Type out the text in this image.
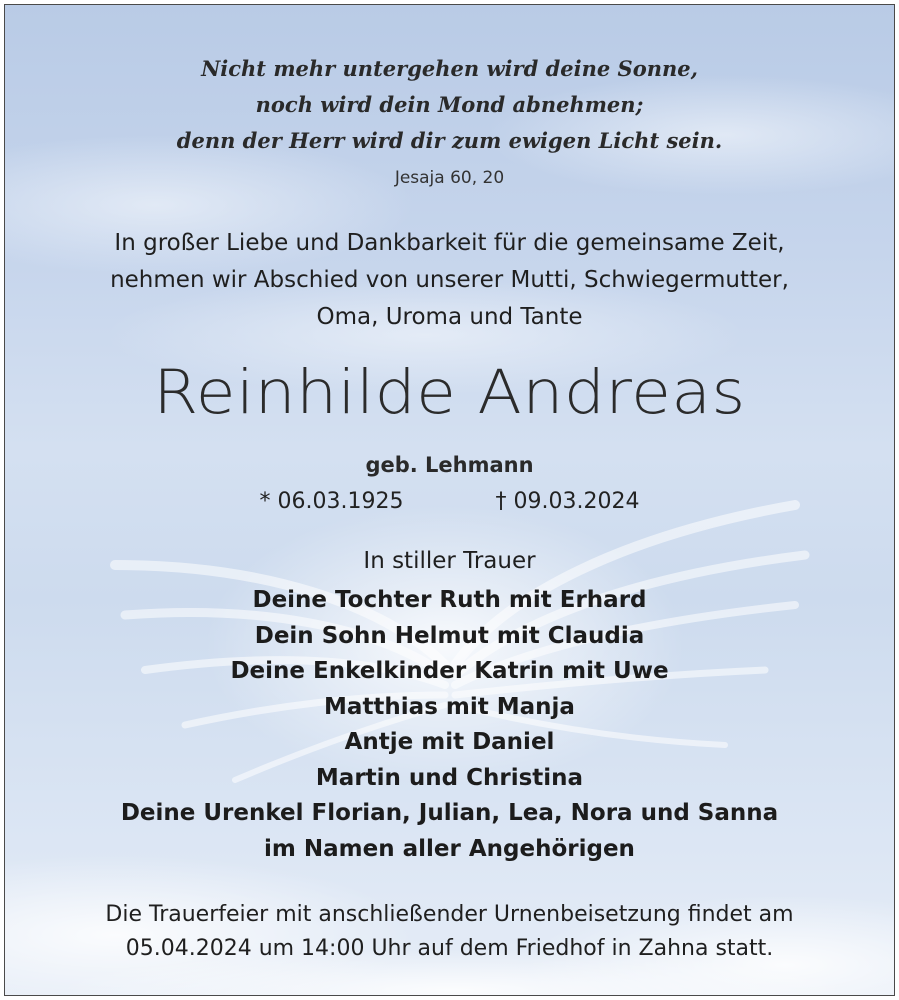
Nicht mehr untergehen wird deine Sonne,
noch wird dein Mond abnehmen;
denn der Herr wird dir zum ewigen Licht sein.
Jesaja 60, 20
In großer Liebe und Dankbarkeit für die gemeinsame Zeit,
nehmen wir Abschied von unserer Mutti, Schwiegermutter,
Oma, Uroma und Tante
Reinhilde Andreas
geb. Lehmann
* 06.03.1925	† 09.03.2024
In stiller Trauer
Deine Tochter Ruth mit Erhard
Dein Sohn Helmut mit Claudia
Deine Enkelkinder Katrin mit Uwe
Matthias mit Manja
Antje mit Daniel
Martin und Christina
Deine Urenkel Florian, Julian, Lea, Nora und Sanna
im Namen aller Angehörigen
Die Trauerfeier mit anschließender Urnenbeisetzung findet am
05.04.2024 um 14:00 Uhr auf dem Friedhof in Zahna statt.
